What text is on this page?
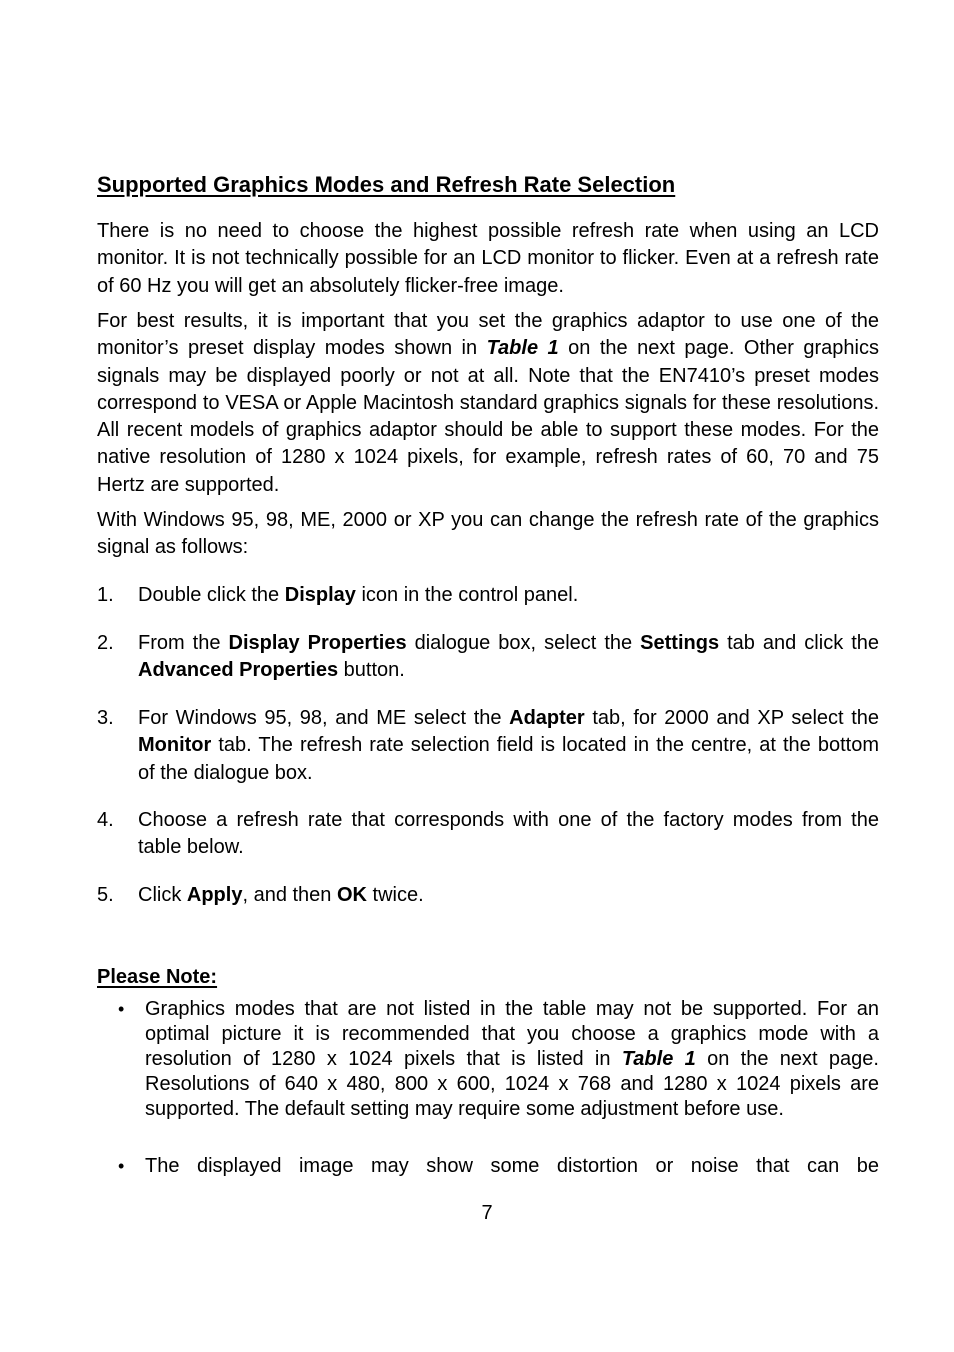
Supported Graphics Modes and Refresh Rate Selection

There is no need to choose the highest possible refresh rate when using an LCD monitor. It is not technically possible for an LCD monitor to flicker. Even at a refresh rate of 60 Hz you will get an absolutely flicker-free image.

For best results, it is important that you set the graphics adaptor to use one of the monitor’s preset display modes shown in Table 1 on the next page. Other graphics signals may be displayed poorly or not at all. Note that the EN7410’s preset modes correspond to VESA or Apple Macintosh standard graphics signals for these resolutions. All recent models of graphics adaptor should be able to support these modes. For the native resolution of 1280 x 1024 pixels, for example, refresh rates of 60, 70 and 75 Hertz are supported.

With Windows 95, 98, ME, 2000 or XP you can change the refresh rate of the graphics signal as follows:

1. Double click the Display icon in the control panel.
2. From the Display Properties dialogue box, select the Settings tab and click the Advanced Properties button.
3. For Windows 95, 98, and ME select the Adapter tab, for 2000 and XP select the Monitor tab. The refresh rate selection field is located in the centre, at the bottom of the dialogue box.
4. Choose a refresh rate that corresponds with one of the factory modes from the table below.
5. Click Apply, and then OK twice.
Please Note:
• Graphics modes that are not listed in the table may not be supported. For an optimal picture it is recommended that you choose a graphics mode with a resolution of 1280 x 1024 pixels that is listed in Table 1 on the next page. Resolutions of 640 x 480, 800 x 600, 1024 x 768 and 1280 x 1024 pixels are supported. The default setting may require some adjustment before use.
• The displayed image may show some distortion or noise that can be
7
